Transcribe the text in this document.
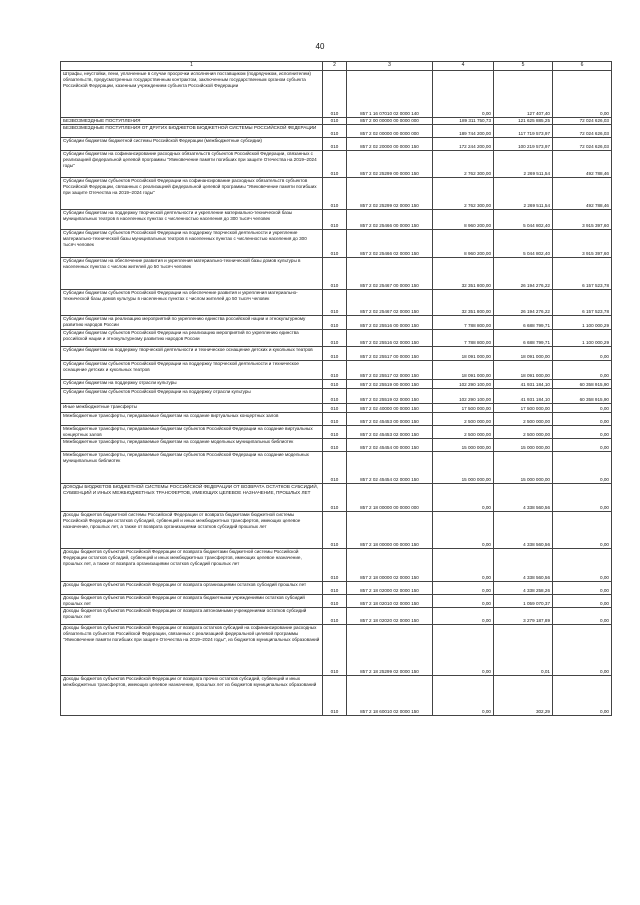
40
1	2	3	4	5	6
Штрафы, неустойки, пени, уплаченные в случае просрочки исполнения поставщиком (подрядчиком, исполнителем) обязательств, предусмотренных государственным контрактом, заключенным государственным органом субъекта Российской Федерации, казенным учреждением субъекта Российской Федерации	010	857 1 16 07010 02 0000 140	0,00	127 407,40	0,00
БЕЗВОЗМЕЗДНЫЕ ПОСТУПЛЕНИЯ	010	857 2 00 00000 00 0000 000	189 311 750,73	121 625 885,25	72 024 626,03
БЕЗВОЗМЕЗДНЫЕ ПОСТУПЛЕНИЯ ОТ ДРУГИХ БЮДЖЕТОВ БЮДЖЕТНОЙ СИСТЕМЫ РОССИЙСКОЙ ФЕДЕРАЦИИ	010	857 2 02 00000 00 0000 000	189 744 200,00	117 719 573,97	72 024 626,03
Субсидии бюджетам бюджетной системы Российской Федерации (межбюджетные субсидии)	010	857 2 02 20000 00 0000 150	172 244 200,00	100 219 573,97	72 024 626,03
Субсидии бюджетам на софинансирование расходных обязательств субъектов Российской Федерации, связанных с реализацией федеральной целевой программы "Увековечение памяти погибших при защите Отечества на 2019–2024 годы"	010	857 2 02 25299 00 0000 150	2 762 300,00	2 269 511,54	492 788,46
Субсидии бюджетам субъектов Российской Федерации на софинансирование расходных обязательств субъектов Российской Федерации, связанных с реализацией федеральной целевой программы "Увековечение памяти погибших при защите Отечества на 2019–2024 годы"	010	857 2 02 25299 02 0000 150	2 762 300,00	2 269 511,54	492 788,46
Субсидии бюджетам на поддержку творческой деятельности и укрепление материально-технической базы муниципальных театров в населенных пунктах с численностью населения до 300 тысяч человек	010	857 2 02 25466 00 0000 150	8 960 200,00	5 044 802,40	3 915 397,60
Субсидии бюджетам субъектов Российской Федерации на поддержку творческой деятельности и укрепление материально-технической базы муниципальных театров в населенных пунктах с численностью населения до 300 тысяч человек	010	857 2 02 25466 02 0000 150	8 960 200,00	5 044 802,40	3 915 397,60
Субсидии бюджетам на обеспечение развития и укрепления материально-технической базы домов культуры в населенных пунктах с числом жителей до 50 тысяч человек	010	857 2 02 25467 00 0000 150	32 351 800,00	26 194 276,22	6 157 523,78
Субсидии бюджетам субъектов Российской Федерации на обеспечение развития и укрепления материально-технической базы домов культуры в населенных пунктах с числом жителей до 50 тысяч человек	010	857 2 02 25467 02 0000 150	32 351 800,00	26 194 276,22	6 157 523,78
Субсидии бюджетам на реализацию мероприятий по укреплению единства российской нации и этнокультурному развитию народов России	010	857 2 02 25516 00 0000 150	7 788 800,00	6 688 799,71	1 100 000,29
Субсидии бюджетам субъектов Российской Федерации на реализацию мероприятий по укреплению единства российской нации и этнокультурному развитию народов России	010	857 2 02 25516 02 0000 150	7 788 800,00	6 688 799,71	1 100 000,29
Субсидии бюджетам на поддержку творческой деятельности и техническое оснащение детских и кукольных театров	010	857 2 02 25517 00 0000 150	18 091 000,00	18 091 000,00	0,00
Субсидии бюджетам субъектов Российской Федерации на поддержку творческой деятельности и техническое оснащение детских и кукольных театров	010	857 2 02 25517 02 0000 150	18 091 000,00	18 091 000,00	0,00
Субсидии бюджетам на поддержку отрасли культуры	010	857 2 02 25519 00 0000 150	102 290 100,00	41 931 184,10	60 358 915,90
Субсидии бюджетам субъектов Российской Федерации на поддержку отрасли культуры	010	857 2 02 25519 02 0000 150	102 290 100,00	41 931 184,10	60 358 915,90
Иные межбюджетные трансферты	010	857 2 02 40000 00 0000 150	17 500 000,00	17 500 000,00	0,00
Межбюджетные трансферты, передаваемые бюджетам на создание виртуальных концертных залов	010	857 2 02 45453 00 0000 150	2 500 000,00	2 500 000,00	0,00
Межбюджетные трансферты, передаваемые бюджетам субъектов Российской Федерации на создание виртуальных концертных залов	010	857 2 02 45453 02 0000 150	2 500 000,00	2 500 000,00	0,00
Межбюджетные трансферты, передаваемые бюджетам на создание модельных муниципальных библиотек	010	857 2 02 45454 00 0000 150	15 000 000,00	15 000 000,00	0,00
Межбюджетные трансферты, передаваемые бюджетам субъектов Российской Федерации на создание модельных муниципальных библиотек	010	857 2 02 45454 02 0000 150	15 000 000,00	15 000 000,00	0,00
ДОХОДЫ БЮДЖЕТОВ БЮДЖЕТНОЙ СИСТЕМЫ РОССИЙСКОЙ ФЕДЕРАЦИИ ОТ ВОЗВРАТА ОСТАТКОВ СУБСИДИЙ, СУБВЕНЦИЙ И ИНЫХ МЕЖБЮДЖЕТНЫХ ТРАНСФЕРТОВ, ИМЕЮЩИХ ЦЕЛЕВОЕ НАЗНАЧЕНИЕ, ПРОШЛЫХ ЛЕТ	010	857 2 18 00000 00 0000 000	0,00	4 338 560,56	0,00
Доходы бюджетов бюджетной системы Российской Федерации от возврата бюджетами бюджетной системы Российской Федерации остатков субсидий, субвенций и иных межбюджетных трансфертов, имеющих целевое назначение, прошлых лет, а также от возврата организациями остатков субсидий прошлых лет	010	857 2 18 00000 00 0000 150	0,00	4 338 560,56	0,00
Доходы бюджетов субъектов Российской Федерации от возврата бюджетами бюджетной системы Российской Федерации остатков субсидий, субвенций и иных межбюджетных трансфертов, имеющих целевое назначение, прошлых лет, а также от возврата организациями остатков субсидий прошлых лет	010	857 2 18 00000 02 0000 150	0,00	4 338 560,56	0,00
Доходы бюджетов субъектов Российской Федерации от возврата организациями остатков субсидий прошлых лет	010	857 2 18 02000 02 0000 150	0,00	4 338 258,26	0,00
Доходы бюджетов субъектов Российской Федерации от возврата бюджетными учреждениями остатков субсидий прошлых лет	010	857 2 18 02010 02 0000 150	0,00	1 059 070,37	0,00
Доходы бюджетов субъектов Российской Федерации от возврата автономными учреждениями остатков субсидий прошлых лет	010	857 2 18 02020 02 0000 150	0,00	3 279 187,89	0,00
Доходы бюджетов субъектов Российской Федерации от возврата остатков субсидий на софинансирование расходных обязательств субъектов Российской Федерации, связанных с реализацией федеральной целевой программы "Увековечение памяти погибших при защите Отечества на 2019–2024 годы", из бюджетов муниципальных образований	010	857 2 18 25299 02 0000 150	0,00	0,01	0,00
Доходы бюджетов субъектов Российской Федерации от возврата прочих остатков субсидий, субвенций и иных межбюджетных трансфертов, имеющих целевое назначение, прошлых лет из бюджетов муниципальных образований	010	857 2 18 60010 02 0000 150	0,00	302,29	0,00
